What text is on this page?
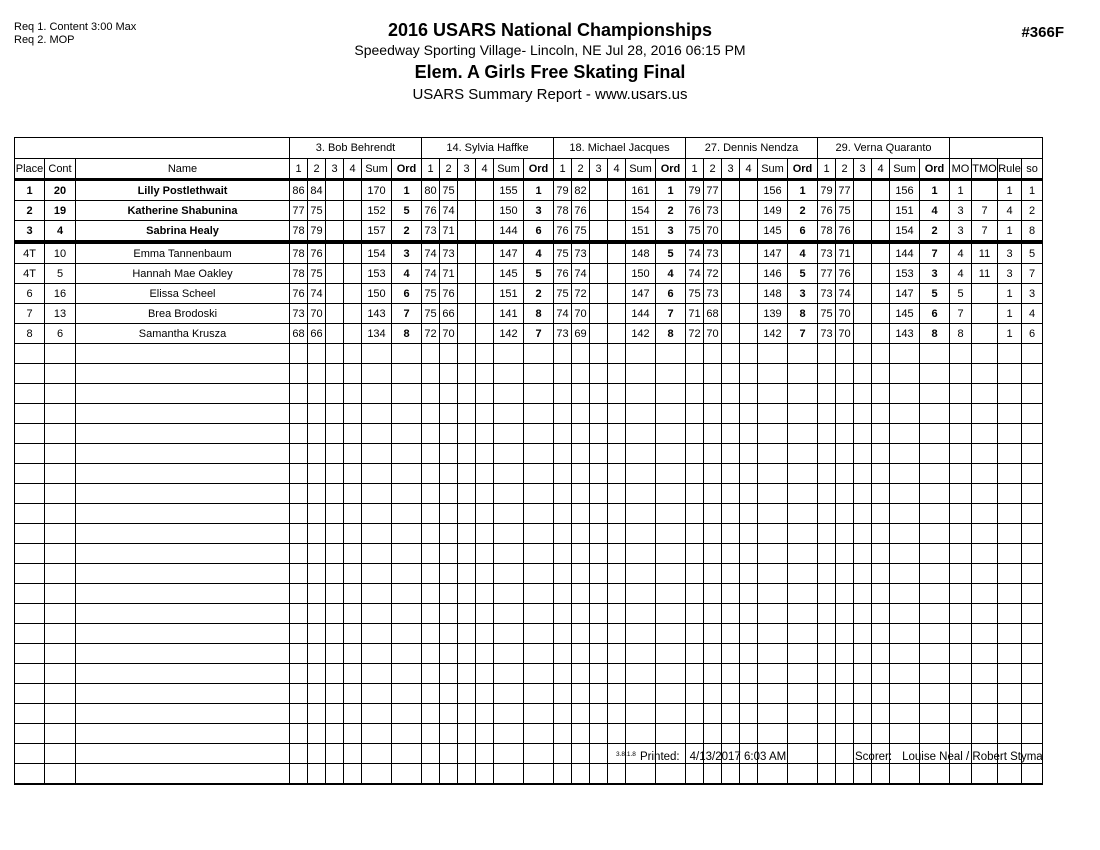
Req 1. Content 3:00 Max
Req 2. MOP	2016 USARS National Championships
Speedway Sporting Village- Lincoln, NE Jul 28, 2016 06:15 PM
Elem. A Girls Free Skating Final
USARS Summary Report - www.usars.us
#366F
			3. Bob Behrendt						14. Sylvia Haffke						18. Michael Jacques						27. Dennis Nendza						29. Verna Quaranto									
Place	Cont	Name	1	2	3	4	Sum	Ord	1	2	3	4	Sum	Ord	1	2	3	4	Sum	Ord	1	2	3	4	Sum	Ord	1	2	3	4	Sum	Ord	MO	TMO	Rule	so
1	20	Lilly Postlethwait	86	84			170	1	80	75			155	1	79	82			161	1	79	77			156	1	79	77			156	1	1		1	1
2	19	Katherine Shabunina	77	75			152	5	76	74			150	3	78	76			154	2	76	73			149	2	76	75			151	4	3	7	4	2
3	4	Sabrina Healy	78	79			157	2	73	71			144	6	76	75			151	3	75	70			145	6	78	76			154	2	3	7	1	8
4T	10	Emma Tannenbaum	78	76			154	3	74	73			147	4	75	73			148	5	74	73			147	4	73	71			144	7	4	11	3	5
4T	5	Hannah Mae Oakley	78	75			153	4	74	71			145	5	76	74			150	4	74	72			146	5	77	76			153	3	4	11	3	7
6	16	Elissa Scheel	76	74			150	6	75	76			151	2	75	72			147	6	75	73			148	3	73	74			147	5	5		1	3
7	13	Brea Brodoski	73	70			143	7	75	66			141	8	74	70			144	7	71	68			139	8	75	70			145	6	7		1	4
8	6	Samantha Krusza	68	66			134	8	72	70			142	7	73	69			142	8	72	70			142	7	73	70			143	8	8		1	6

3.8.1.8 Printed: 4/13/2017 6:03 AM	Scorer: Louise Neal / Robert Styma
